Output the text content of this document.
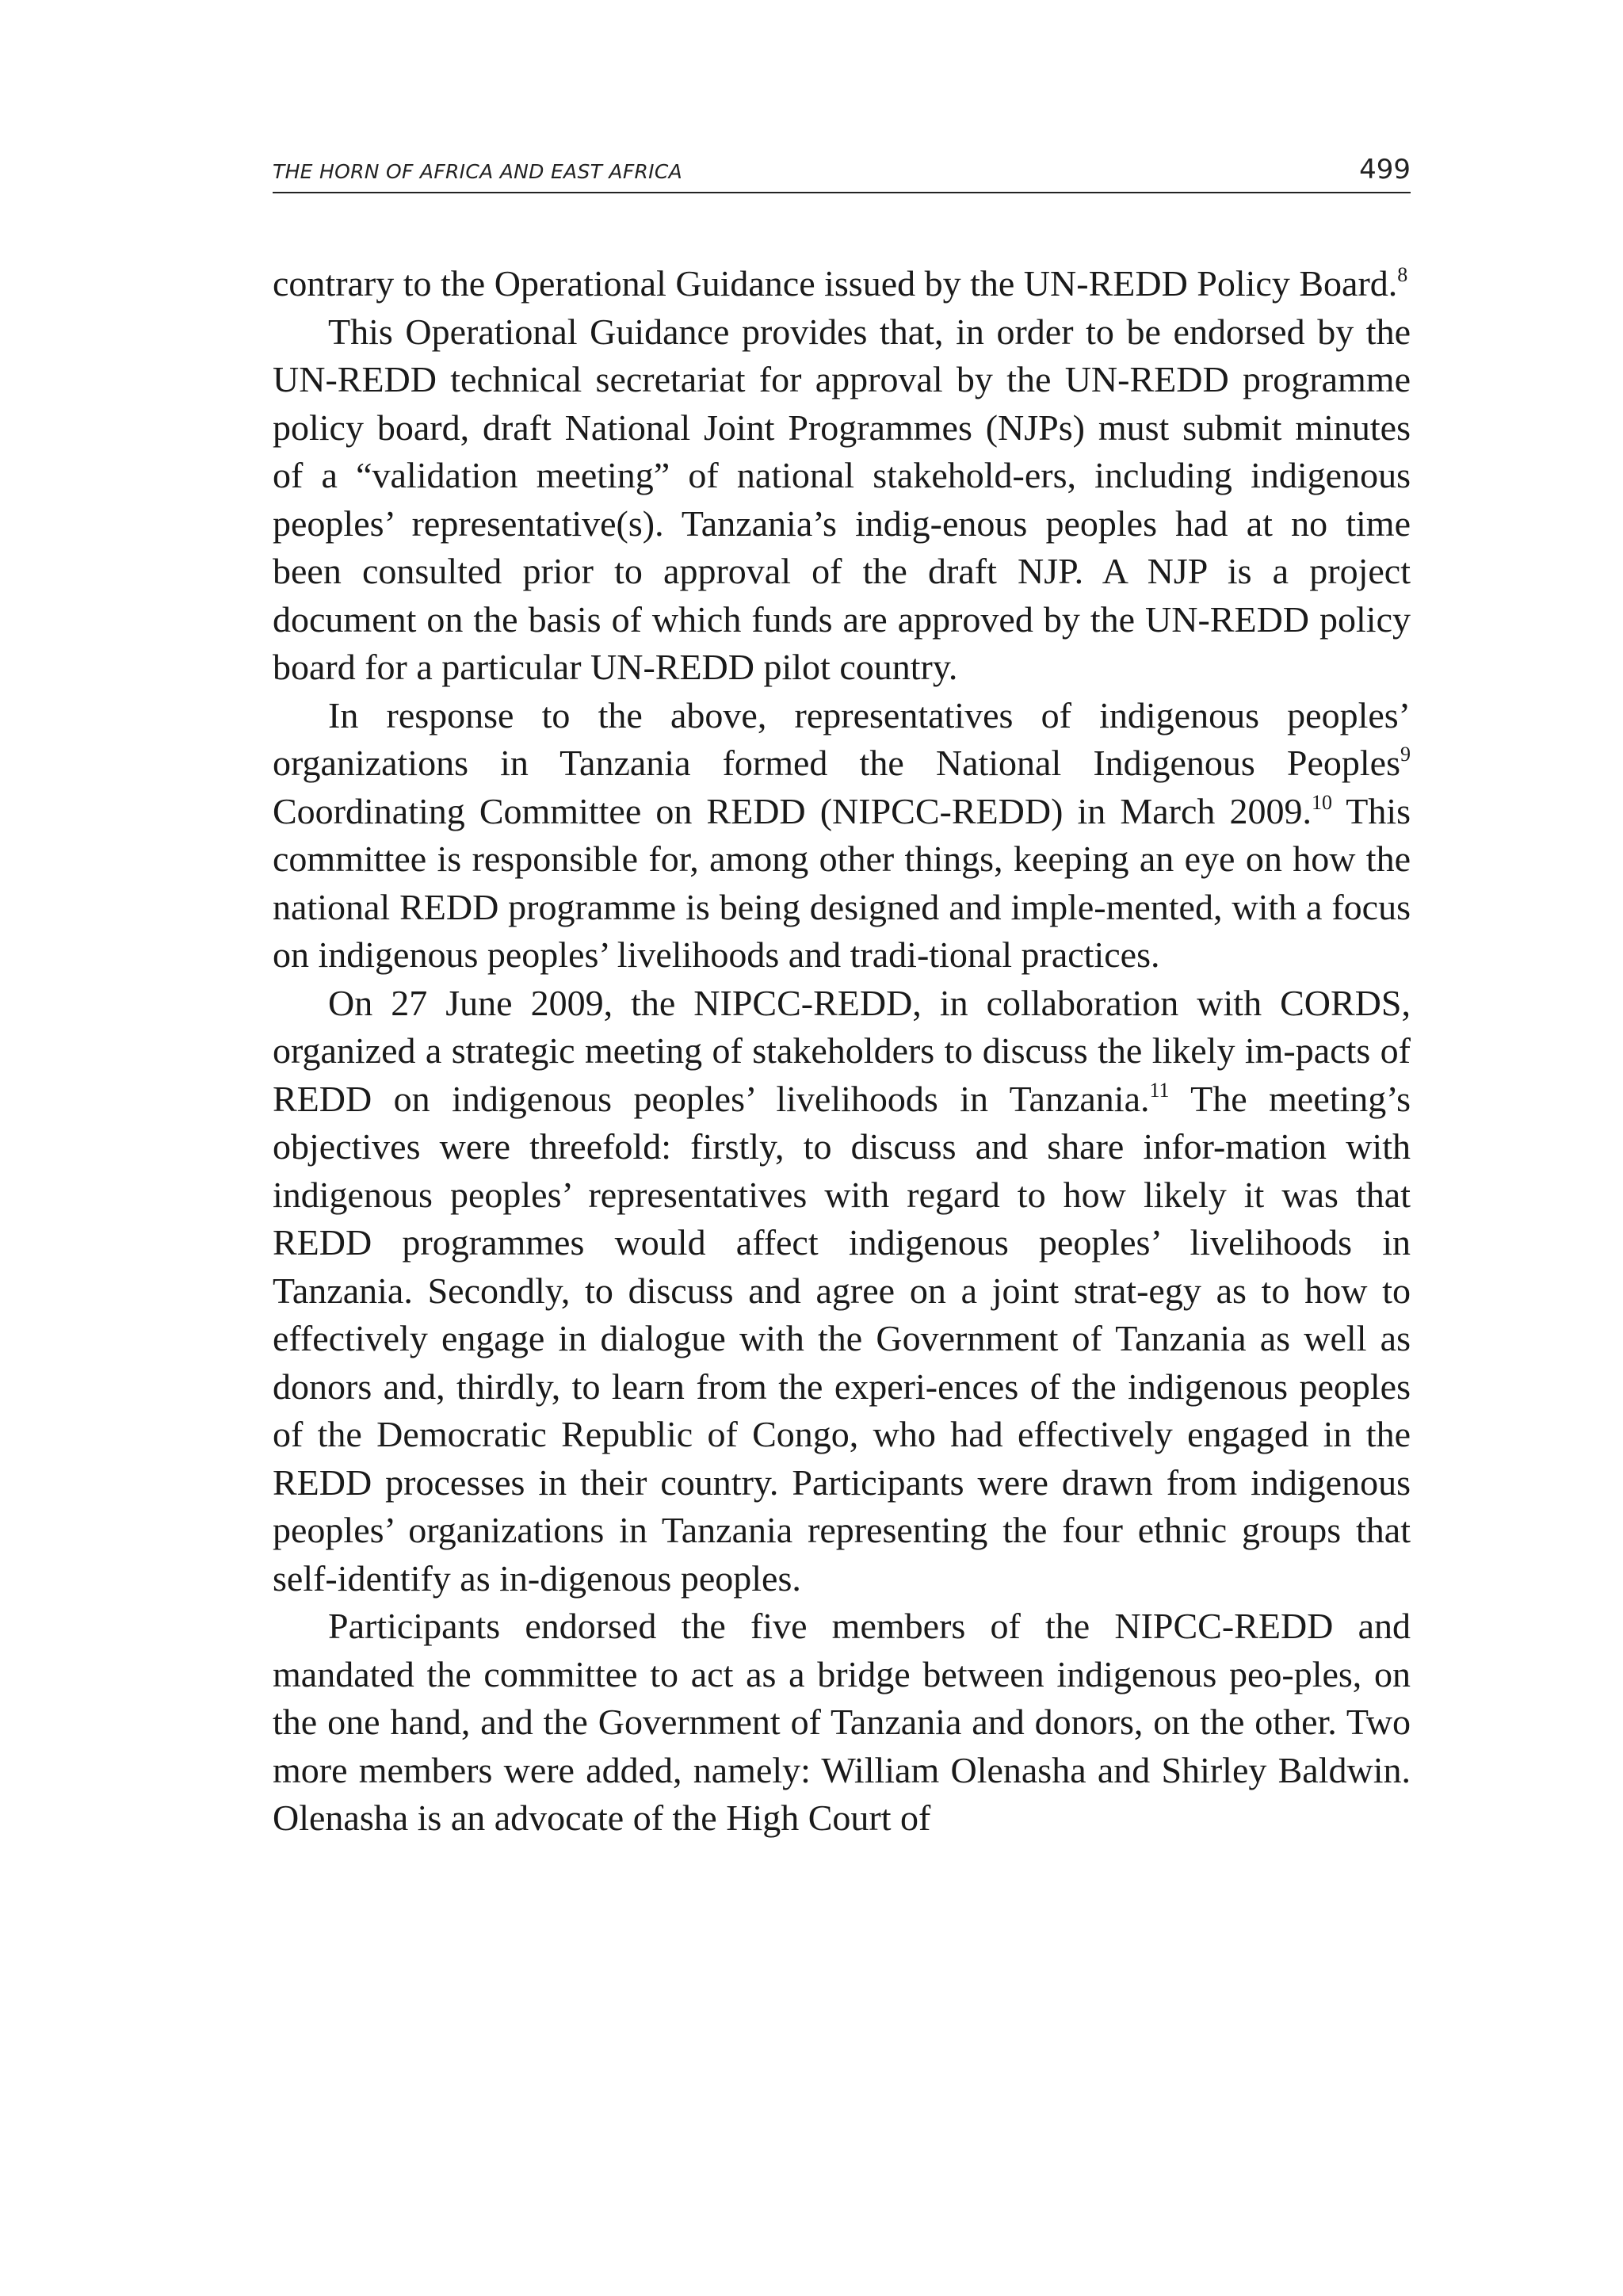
THE HORN OF AFRICA AND EAST AFRICA	499

contrary to the Operational Guidance issued by the UN-REDD Policy Board.$^8$

This Operational Guidance provides that, in order to be endorsed by the UN-REDD technical secretariat for approval by the UN-REDD programme policy board, draft National Joint Programmes (NJPs) must submit minutes of a “validation meeting” of national stakehold-ers, including indigenous peoples’ representative(s). Tanzania’s indig-enous peoples had at no time been consulted prior to approval of the draft NJP. A NJP is a project document on the basis of which funds are approved by the UN-REDD policy board for a particular UN-REDD pilot country.

In response to the above, representatives of indigenous peoples’ organizations in Tanzania formed the National Indigenous Peoples$^9$ Coordinating Committee on REDD (NIPCC-REDD) in March 2009.10 This committee is responsible for, among other things, keeping an eye on how the national REDD programme is being designed and imple-mented, with a focus on indigenous peoples’ livelihoods and tradi-tional practices.

On 27 June 2009, the NIPCC-REDD, in collaboration with CORDS, organized a strategic meeting of stakeholders to discuss the likely im-pacts of REDD on indigenous peoples’ livelihoods in Tanzania.$^{11}$ The meeting’s objectives were threefold: firstly, to discuss and share infor-mation with indigenous peoples’ representatives with regard to how likely it was that REDD programmes would affect indigenous peoples’ livelihoods in Tanzania. Secondly, to discuss and agree on a joint strat-egy as to how to effectively engage in dialogue with the Government of Tanzania as well as donors and, thirdly, to learn from the experi-ences of the indigenous peoples of the Democratic Republic of Congo, who had effectively engaged in the REDD processes in their country. Participants were drawn from indigenous peoples’ organizations in Tanzania representing the four ethnic groups that self-identify as in-digenous peoples.

Participants endorsed the five members of the NIPCC-REDD and mandated the committee to act as a bridge between indigenous peo-ples, on the one hand, and the Government of Tanzania and donors, on the other. Two more members were added, namely: William Olenasha and Shirley Baldwin. Olenasha is an advocate of the High Court of
